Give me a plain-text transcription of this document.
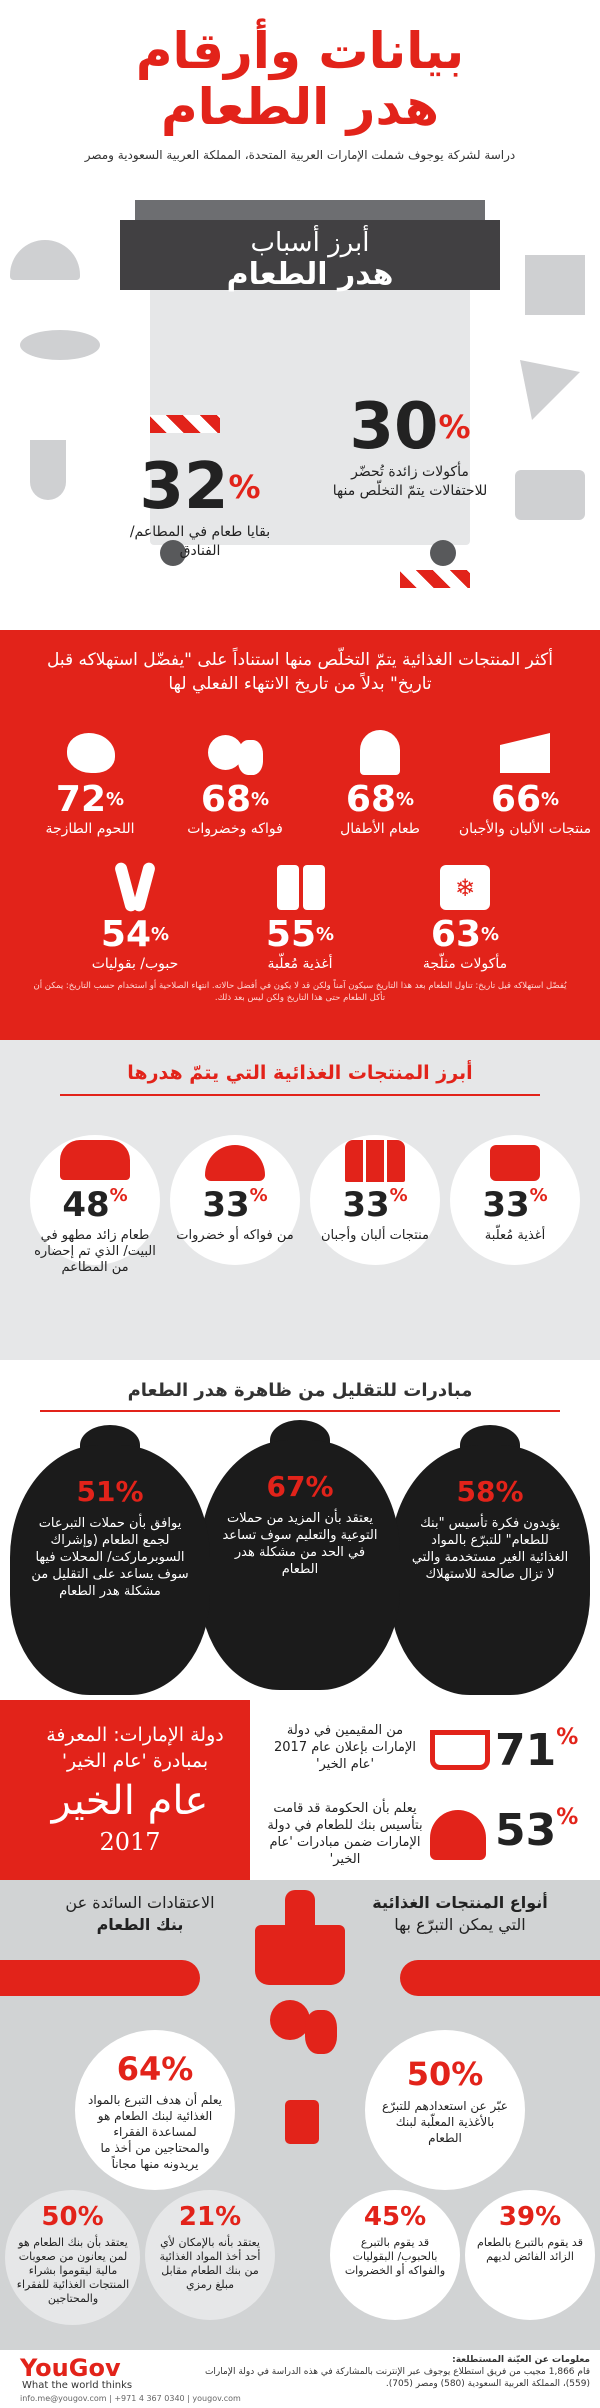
بيانات وأرقام
هدر الطعام
دراسة لشركة يوجوف شملت الإمارات العربية المتحدة، المملكة العربية السعودية ومصر
أبرز أسباب
هدر الطعام
32%
بقايا طعام في المطاعم/ الفنادق
30%
مأكولات زائدة تُحضّر للاحتفالات يتمّ التخلّص منها
أكثر المنتجات الغذائية يتمّ التخلّص منها استناداً على "يفضّل استهلاكه قبل تاريخ" بدلاً من تاريخ الانتهاء الفعلي لها
66%
منتجات الألبان والأجبان
68%
طعام الأطفال
68%
فواكه وخضروات
72%
اللحوم الطازجة
❄
63%
مأكولات مثلّجة
55%
أغذية مُعلّبة
54%
حبوب/ بقوليات
يُفضّل استهلاكه قبل تاريخ: تناول الطعام بعد هذا التاريخ سيكون آمناً ولكن قد لا يكون في أفضل حالاته. انتهاء الصلاحية أو استخدام حسب التاريخ: يمكن أن تأكل الطعام حتى هذا التاريخ ولكن ليس بعد ذلك.
أبرز المنتجات الغذائية التي يتمّ هدرها
33%
أغذية مُعلّبة
33%
منتجات ألبان وأجبان
33%
من فواكه أو خضروات
48%
طعام زائد مطهو في البيت/ الذي تم إحضاره من المطاعم
مبادرات للتقليل من ظاهرة هدر الطعام
58%
يؤيدون فكرة تأسيس "بنك للطعام" للتبرّع بالمواد الغذائية الغير مستخدمة والتي لا تزال صالحة للاستهلاك
67%
يعتقد بأن المزيد من حملات التوعية والتعليم سوف تساعد في الحد من مشكلة هدر الطعام
51%
يوافق بأن حملات التبرعات لجمع الطعام (وإشراك السوبرماركت/ المحلات فيها سوف يساعد على التقليل من مشكلة هدر الطعام
دولة الإمارات: المعرفة بمبادرة 'عام الخير'
عام الخير
2017
71%
من المقيمين في دولة الإمارات بإعلان عام 2017 'عام الخير'
53%
يعلم بأن الحكومة قد قامت بتأسيس بنك للطعام في دولة الإمارات ضمن مبادرات 'عام الخير'
الاعتقادات السائدة عن
بنك الطعام
أنواع المنتجات الغذائية
التي يمكن التبرّع بها
64%
يعلم أن هدف التبرع بالمواد الغذائية لبنك الطعام هو لمساعدة الفقراء والمحتاجين من أخذ ما يريدونه منها مجاناً
50%
يعتقد بأن بنك الطعام هو لمن يعانون من صعوبات مالية ليقوموا بشراء المنتجات الغذائية للفقراء والمحتاجين
21%
يعتقد بأنه بالإمكان لأي أحد أخذ المواد الغذائية من بنك الطعام مقابل مبلغ رمزي
50%
عبّر عن استعدادهم للتبرّع بالأغذية المعلّبة لبنك الطعام
45%
قد يقوم بالتبرع بالحبوب/ البقوليات والفواكه أو الخضروات
39%
قد يقوم بالتبرع بالطعام الزائد الفائض لديهم
معلومات عن العيّنة المستطلعة:
قام 1,866 مجيب من فريق استطلاع يوجوف عبر الإنترنت بالمشاركة في هذه الدراسة في دولة الإمارات (559)، المملكة العربية السعودية (580) ومصر (705).
YouGov
What the world thinks
info.me@yougov.com | +971 4 367 0340 | yougov.com
